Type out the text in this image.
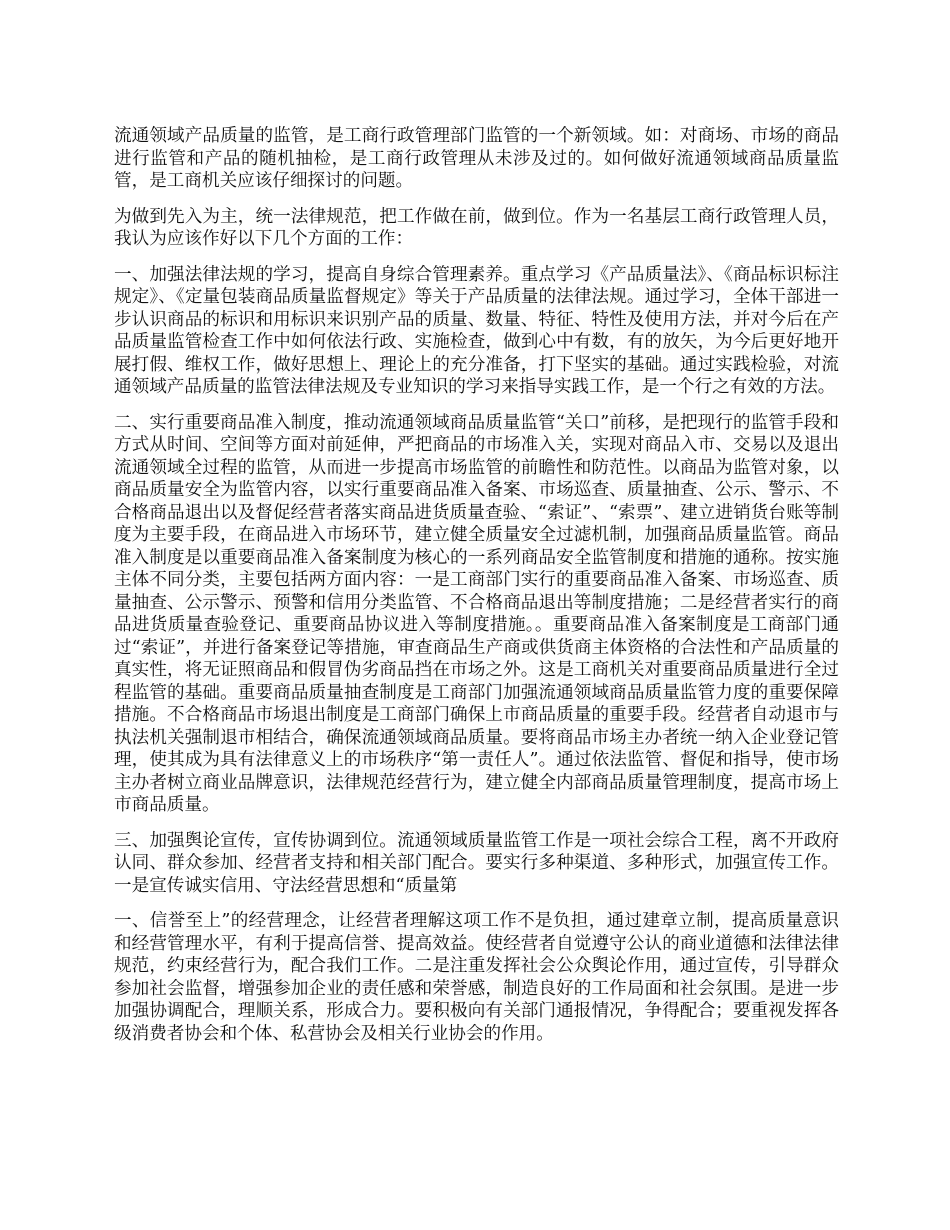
流通领域产品质量的监管，是工商行政管理部门监管的一个新领域。如：对商场、市场的商品进行监管和产品的随机抽检，是工商行政管理从未涉及过的。如何做好流通领域商品质量监管，是工商机关应该仔细探讨的问题。

为做到先入为主，统一法律规范，把工作做在前，做到位。作为一名基层工商行政管理人员，我认为应该作好以下几个方面的工作：

一、加强法律法规的学习，提高自身综合管理素养。重点学习《产品质量法》、《商品标识标注规定》、《定量包装商品质量监督规定》等关于产品质量的法律法规。通过学习，全体干部进一步认识商品的标识和用标识来识别产品的质量、数量、特征、特性及使用方法，并对今后在产品质量监管检查工作中如何依法行政、实施检查，做到心中有数，有的放矢，为今后更好地开展打假、维权工作，做好思想上、理论上的充分准备，打下坚实的基础。通过实践检验，对流通领域产品质量的监管法律法规及专业知识的学习来指导实践工作，是一个行之有效的方法。

二、实行重要商品准入制度，推动流通领域商品质量监管“关口”前移，是把现行的监管手段和方式从时间、空间等方面对前延伸，严把商品的市场准入关，实现对商品入市、交易以及退出流通领域全过程的监管，从而进一步提高市场监管的前瞻性和防范性。以商品为监管对象，以商品质量安全为监管内容，以实行重要商品准入备案、市场巡查、质量抽查、公示、警示、不合格商品退出以及督促经营者落实商品进货质量查验、“索证”、“索票”、建立进销货台账等制度为主要手段，在商品进入市场环节，建立健全质量安全过滤机制，加强商品质量监管。商品准入制度是以重要商品准入备案制度为核心的一系列商品安全监管制度和措施的通称。按实施主体不同分类，主要包括两方面内容：一是工商部门实行的重要商品准入备案、市场巡查、质量抽查、公示警示、预警和信用分类监管、不合格商品退出等制度措施；二是经营者实行的商品进货质量查验登记、重要商品协议进入等制度措施。。重要商品准入备案制度是工商部门通过“索证”，并进行备案登记等措施，审查商品生产商或供货商主体资格的合法性和产品质量的真实性，将无证照商品和假冒伪劣商品挡在市场之外。这是工商机关对重要商品质量进行全过程监管的基础。重要商品质量抽查制度是工商部门加强流通领域商品质量监管力度的重要保障措施。不合格商品市场退出制度是工商部门确保上市商品质量的重要手段。经营者自动退市与执法机关强制退市相结合，确保流通领域商品质量。要将商品市场主办者统一纳入企业登记管理，使其成为具有法律意义上的市场秩序“第一责任人”。通过依法监管、督促和指导，使市场主办者树立商业品牌意识，法律规范经营行为，建立健全内部商品质量管理制度，提高市场上市商品质量。

三、加强舆论宣传，宣传协调到位。流通领域质量监管工作是一项社会综合工程，离不开政府认同、群众参加、经营者支持和相关部门配合。要实行多种渠道、多种形式，加强宣传工作。一是宣传诚实信用、守法经营思想和“质量第

一、信誉至上”的经营理念，让经营者理解这项工作不是负担，通过建章立制，提高质量意识和经营管理水平，有利于提高信誉、提高效益。使经营者自觉遵守公认的商业道德和法律法律规范，约束经营行为，配合我们工作。二是注重发挥社会公众舆论作用，通过宣传，引导群众参加社会监督，增强参加企业的责任感和荣誉感，制造良好的工作局面和社会氛围。是进一步加强协调配合，理顺关系，形成合力。要积极向有关部门通报情况，争得配合；要重视发挥各级消费者协会和个体、私营协会及相关行业协会的作用。
